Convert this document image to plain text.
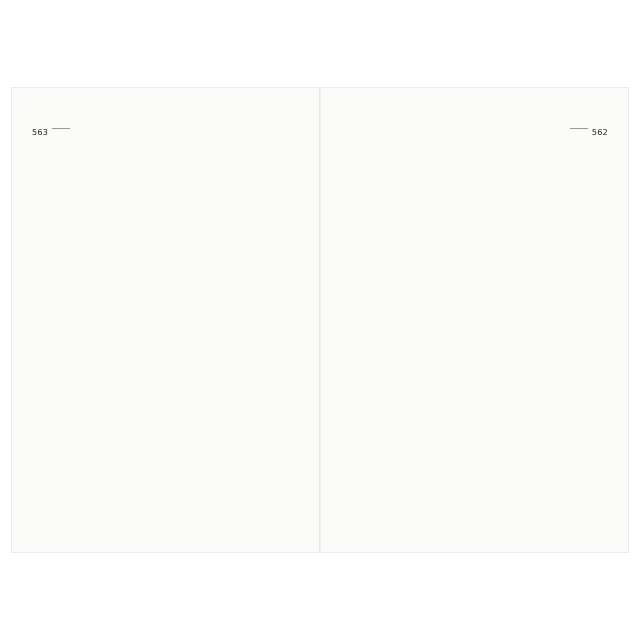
563	562
